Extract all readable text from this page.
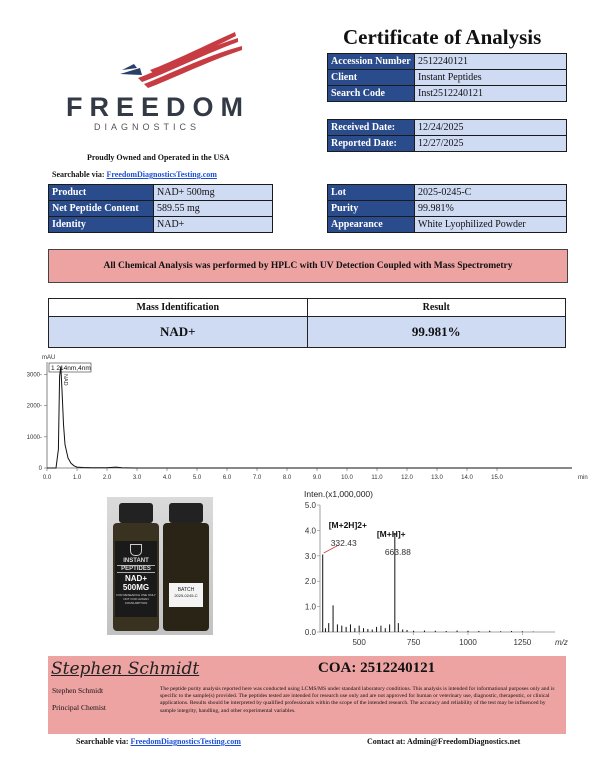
FREEDOM
DIAGNOSTICS
Proudly Owned and Operated in the USA
Searchable via: FreedomDiagnosticsTesting.com
Certificate of Analysis
Accession Number	2512240121
Client	Instant Peptides
Search Code	Inst2512240121
Received Date:	12/24/2025
Reported Date:	12/27/2025
Product	NAD+ 500mg
Net Peptide Content	589.55 mg
Identity	NAD+
Lot	2025-0245-C
Purity	99.981%
Appearance	White Lyophilized Powder
All Chemical Analysis was performed by HPLC with UV Detection Coupled with Mass Spectrometry
Mass Identification	Result
NAD+	99.981%
mAU
0
1000-
2000-
3000-
0.0	1.0	2.0	3.0	4.0	5.0	6.0	7.0	8.0	9.0	10.0	11.0	12.0	13.0	14.0	15.0	min
1 214nm,4nm
NAD
INSTANT
PEPTIDES
NAD+
500MG
FOR RESEARCH USE ONLY NOT FOR HUMAN CONSUMPTION
BATCH
2025-0245-C
Inten.(x1,000,000)
0.0
1.0
2.0
3.0
4.0
5.0
500	750	1000	1250	m/z
[M+2H]2+
332.43
[M+H]+
663.88
Stephen Schmidt	COA: 2512240121
Stephen Schmidt
Principal Chemist
The peptide purity analysis reported here was conducted using LCMS/MS under standard laboratory conditions. This analysis is intended for informational purposes only and is specific to the sample(s) provided. The peptides tested are intended for research use only and are not approved for human or veterinary use, diagnostic, therapeutic, or clinical applications. Results should be interpreted by qualified professionals within the scope of the intended research. The accuracy and reliability of the test may be influenced by sample integrity, handling, and other experimental variables.
Searchable via: FreedomDiagnosticsTesting.com	Contact at: Admin@FreedomDiagnostics.net
